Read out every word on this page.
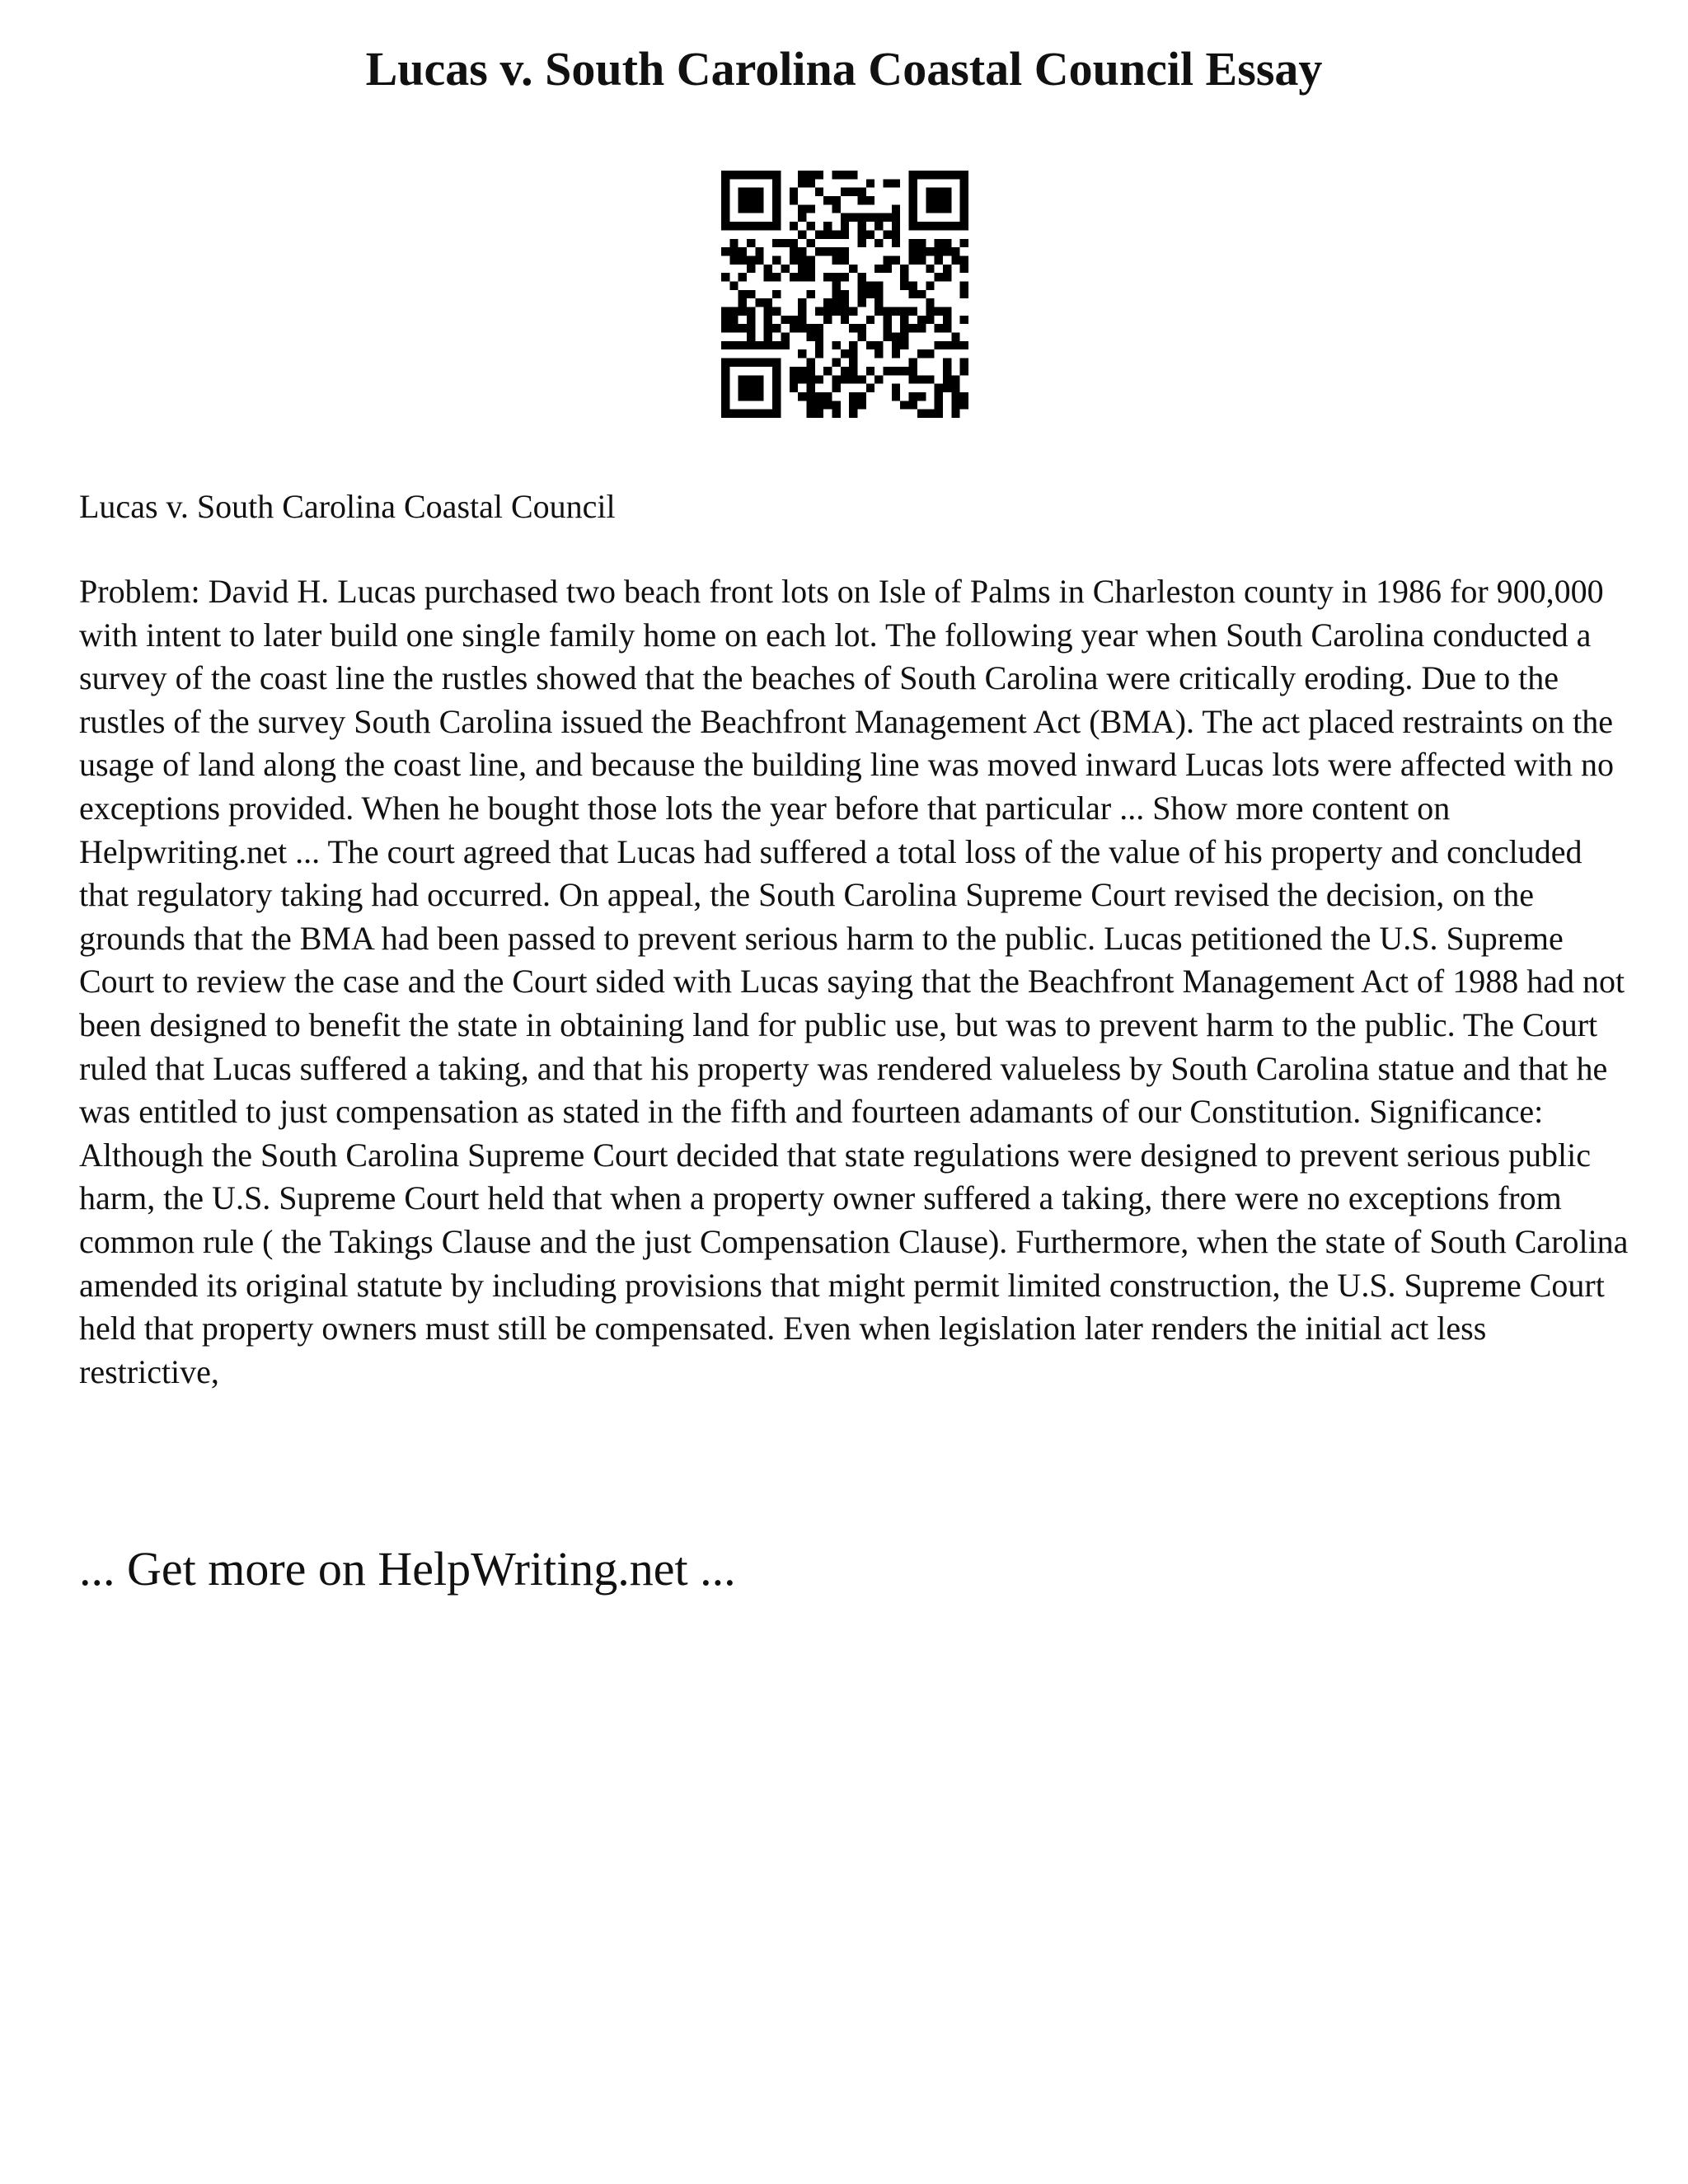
Lucas v. South Carolina Coastal Council Essay

Lucas v. South Carolina Coastal Council

Problem: David H. Lucas purchased two beach front lots on Isle of Palms in Charleston county in 1986 for 900,000 with intent to later build one single family home on each lot. The following year when South Carolina conducted a survey of the coast line the rustles showed that the beaches of South Carolina were critically eroding. Due to the rustles of the survey South Carolina issued the Beachfront Management Act (BMA). The act placed restraints on the usage of land along the coast line, and because the building line was moved inward Lucas lots were affected with no exceptions provided. When he bought those lots the year before that particular ... Show more content on Helpwriting.net ... The court agreed that Lucas had suffered a total loss of the value of his property and concluded that regulatory taking had occurred. On appeal, the South Carolina Supreme Court revised the decision, on the grounds that the BMA had been passed to prevent serious harm to the public. Lucas petitioned the U.S. Supreme Court to review the case and the Court sided with Lucas saying that the Beachfront Management Act of 1988 had not been designed to benefit the state in obtaining land for public use, but was to prevent harm to the public. The Court ruled that Lucas suffered a taking, and that his property was rendered valueless by South Carolina statue and that he was entitled to just compensation as stated in the fifth and fourteen adamants of our Constitution. Significance: Although the South Carolina Supreme Court decided that state regulations were designed to prevent serious public harm, the U.S. Supreme Court held that when a property owner suffered a taking, there were no exceptions from common rule ( the Takings Clause and the just Compensation Clause). Furthermore, when the state of South Carolina amended its original statute by including provisions that might permit limited construction, the U.S. Supreme Court held that property owners must still be compensated. Even when legislation later renders the initial act less restrictive,

... Get more on HelpWriting.net ...
